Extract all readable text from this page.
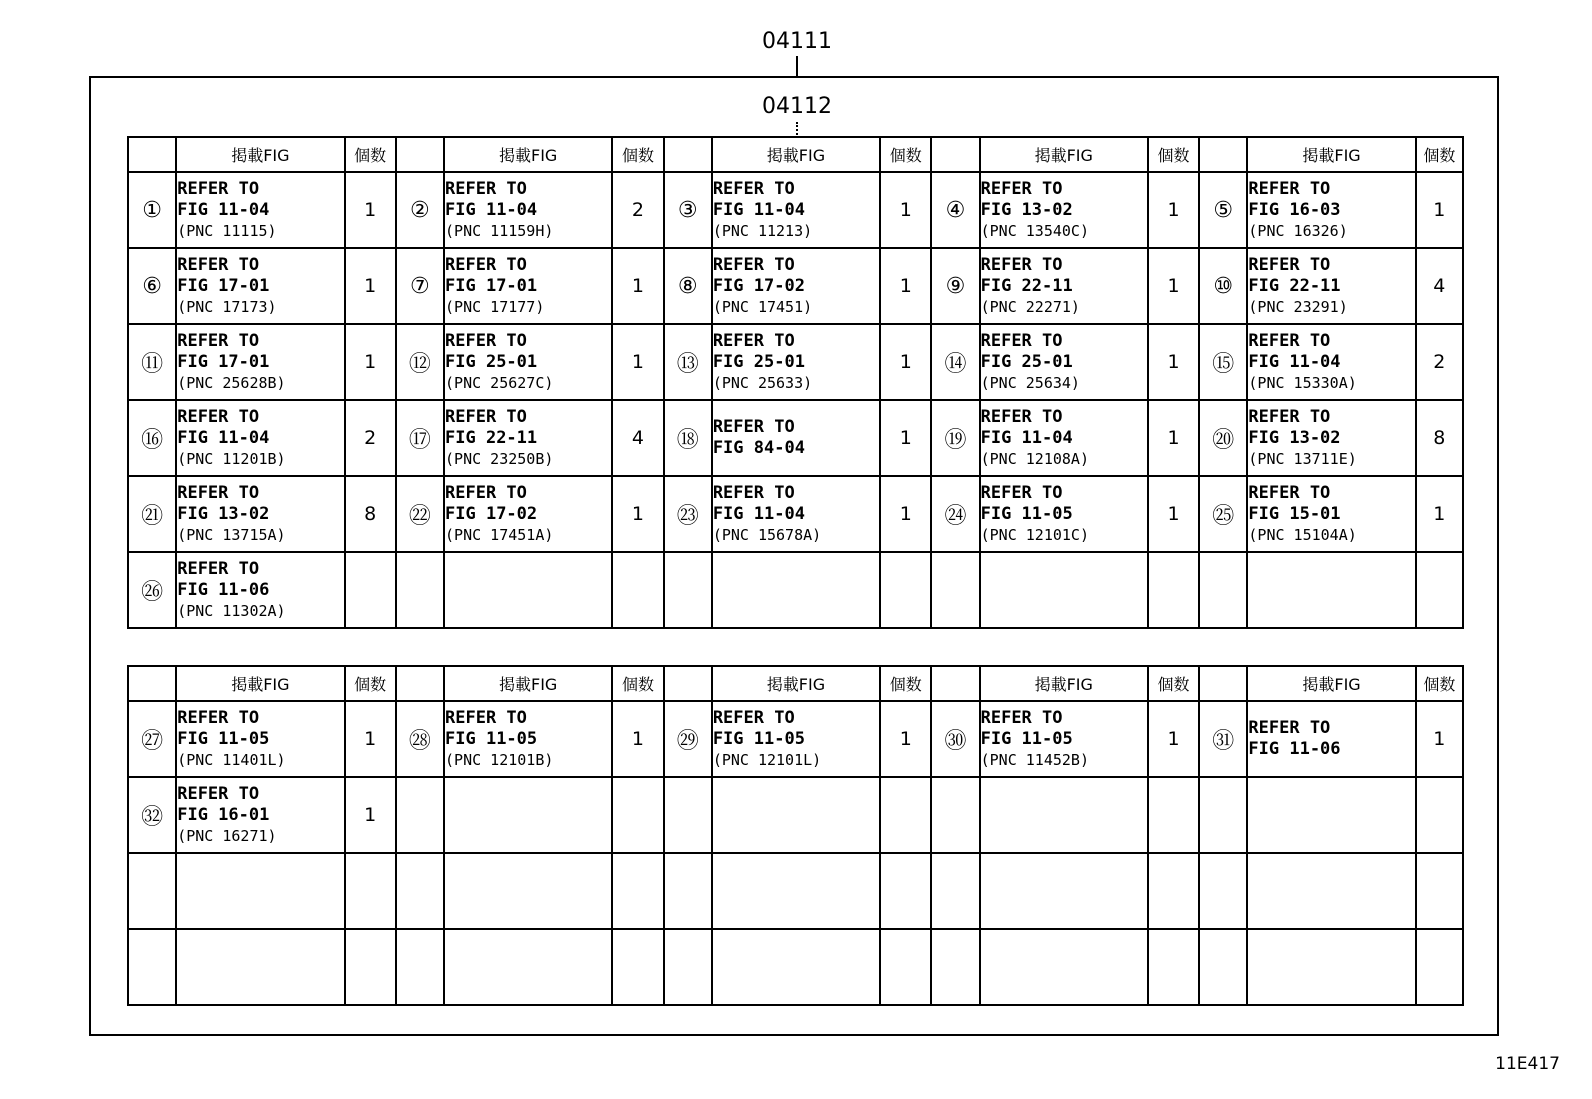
04111
04112
	掲載FIG	個数		掲載FIG	個数		掲載FIG	個数		掲載FIG	個数		掲載FIG	個数
①	REFER TO
FIG 11-04
(PNC 11115)	1	②	REFER TO
FIG 11-04
(PNC 11159H)	2	③	REFER TO
FIG 11-04
(PNC 11213)	1	④	REFER TO
FIG 13-02
(PNC 13540C)	1	⑤	REFER TO
FIG 16-03
(PNC 16326)	1
⑥	REFER TO
FIG 17-01
(PNC 17173)	1	⑦	REFER TO
FIG 17-01
(PNC 17177)	1	⑧	REFER TO
FIG 17-02
(PNC 17451)	1	⑨	REFER TO
FIG 22-11
(PNC 22271)	1	⑩	REFER TO
FIG 22-11
(PNC 23291)	4
⑪	REFER TO
FIG 17-01
(PNC 25628B)	1	⑫	REFER TO
FIG 25-01
(PNC 25627C)	1	⑬	REFER TO
FIG 25-01
(PNC 25633)	1	⑭	REFER TO
FIG 25-01
(PNC 25634)	1	⑮	REFER TO
FIG 11-04
(PNC 15330A)	2
⑯	REFER TO
FIG 11-04
(PNC 11201B)	2	⑰	REFER TO
FIG 22-11
(PNC 23250B)	4	⑱	REFER TO
FIG 84-04	1	⑲	REFER TO
FIG 11-04
(PNC 12108A)	1	⑳	REFER TO
FIG 13-02
(PNC 13711E)	8
㉑	REFER TO
FIG 13-02
(PNC 13715A)	8	㉒	REFER TO
FIG 17-02
(PNC 17451A)	1	㉓	REFER TO
FIG 11-04
(PNC 15678A)	1	㉔	REFER TO
FIG 11-05
(PNC 12101C)	1	㉕	REFER TO
FIG 15-01
(PNC 15104A)	1
㉖	REFER TO
FIG 11-06
(PNC 11302A)													

	掲載FIG	個数		掲載FIG	個数		掲載FIG	個数		掲載FIG	個数		掲載FIG	個数
㉗	REFER TO
FIG 11-05
(PNC 11401L)	1	㉘	REFER TO
FIG 11-05
(PNC 12101B)	1	㉙	REFER TO
FIG 11-05
(PNC 12101L)	1	㉚	REFER TO
FIG 11-05
(PNC 11452B)	1	㉛	REFER TO
FIG 11-06	1
㉜	REFER TO
FIG 16-01
(PNC 16271)	1		

11E417
